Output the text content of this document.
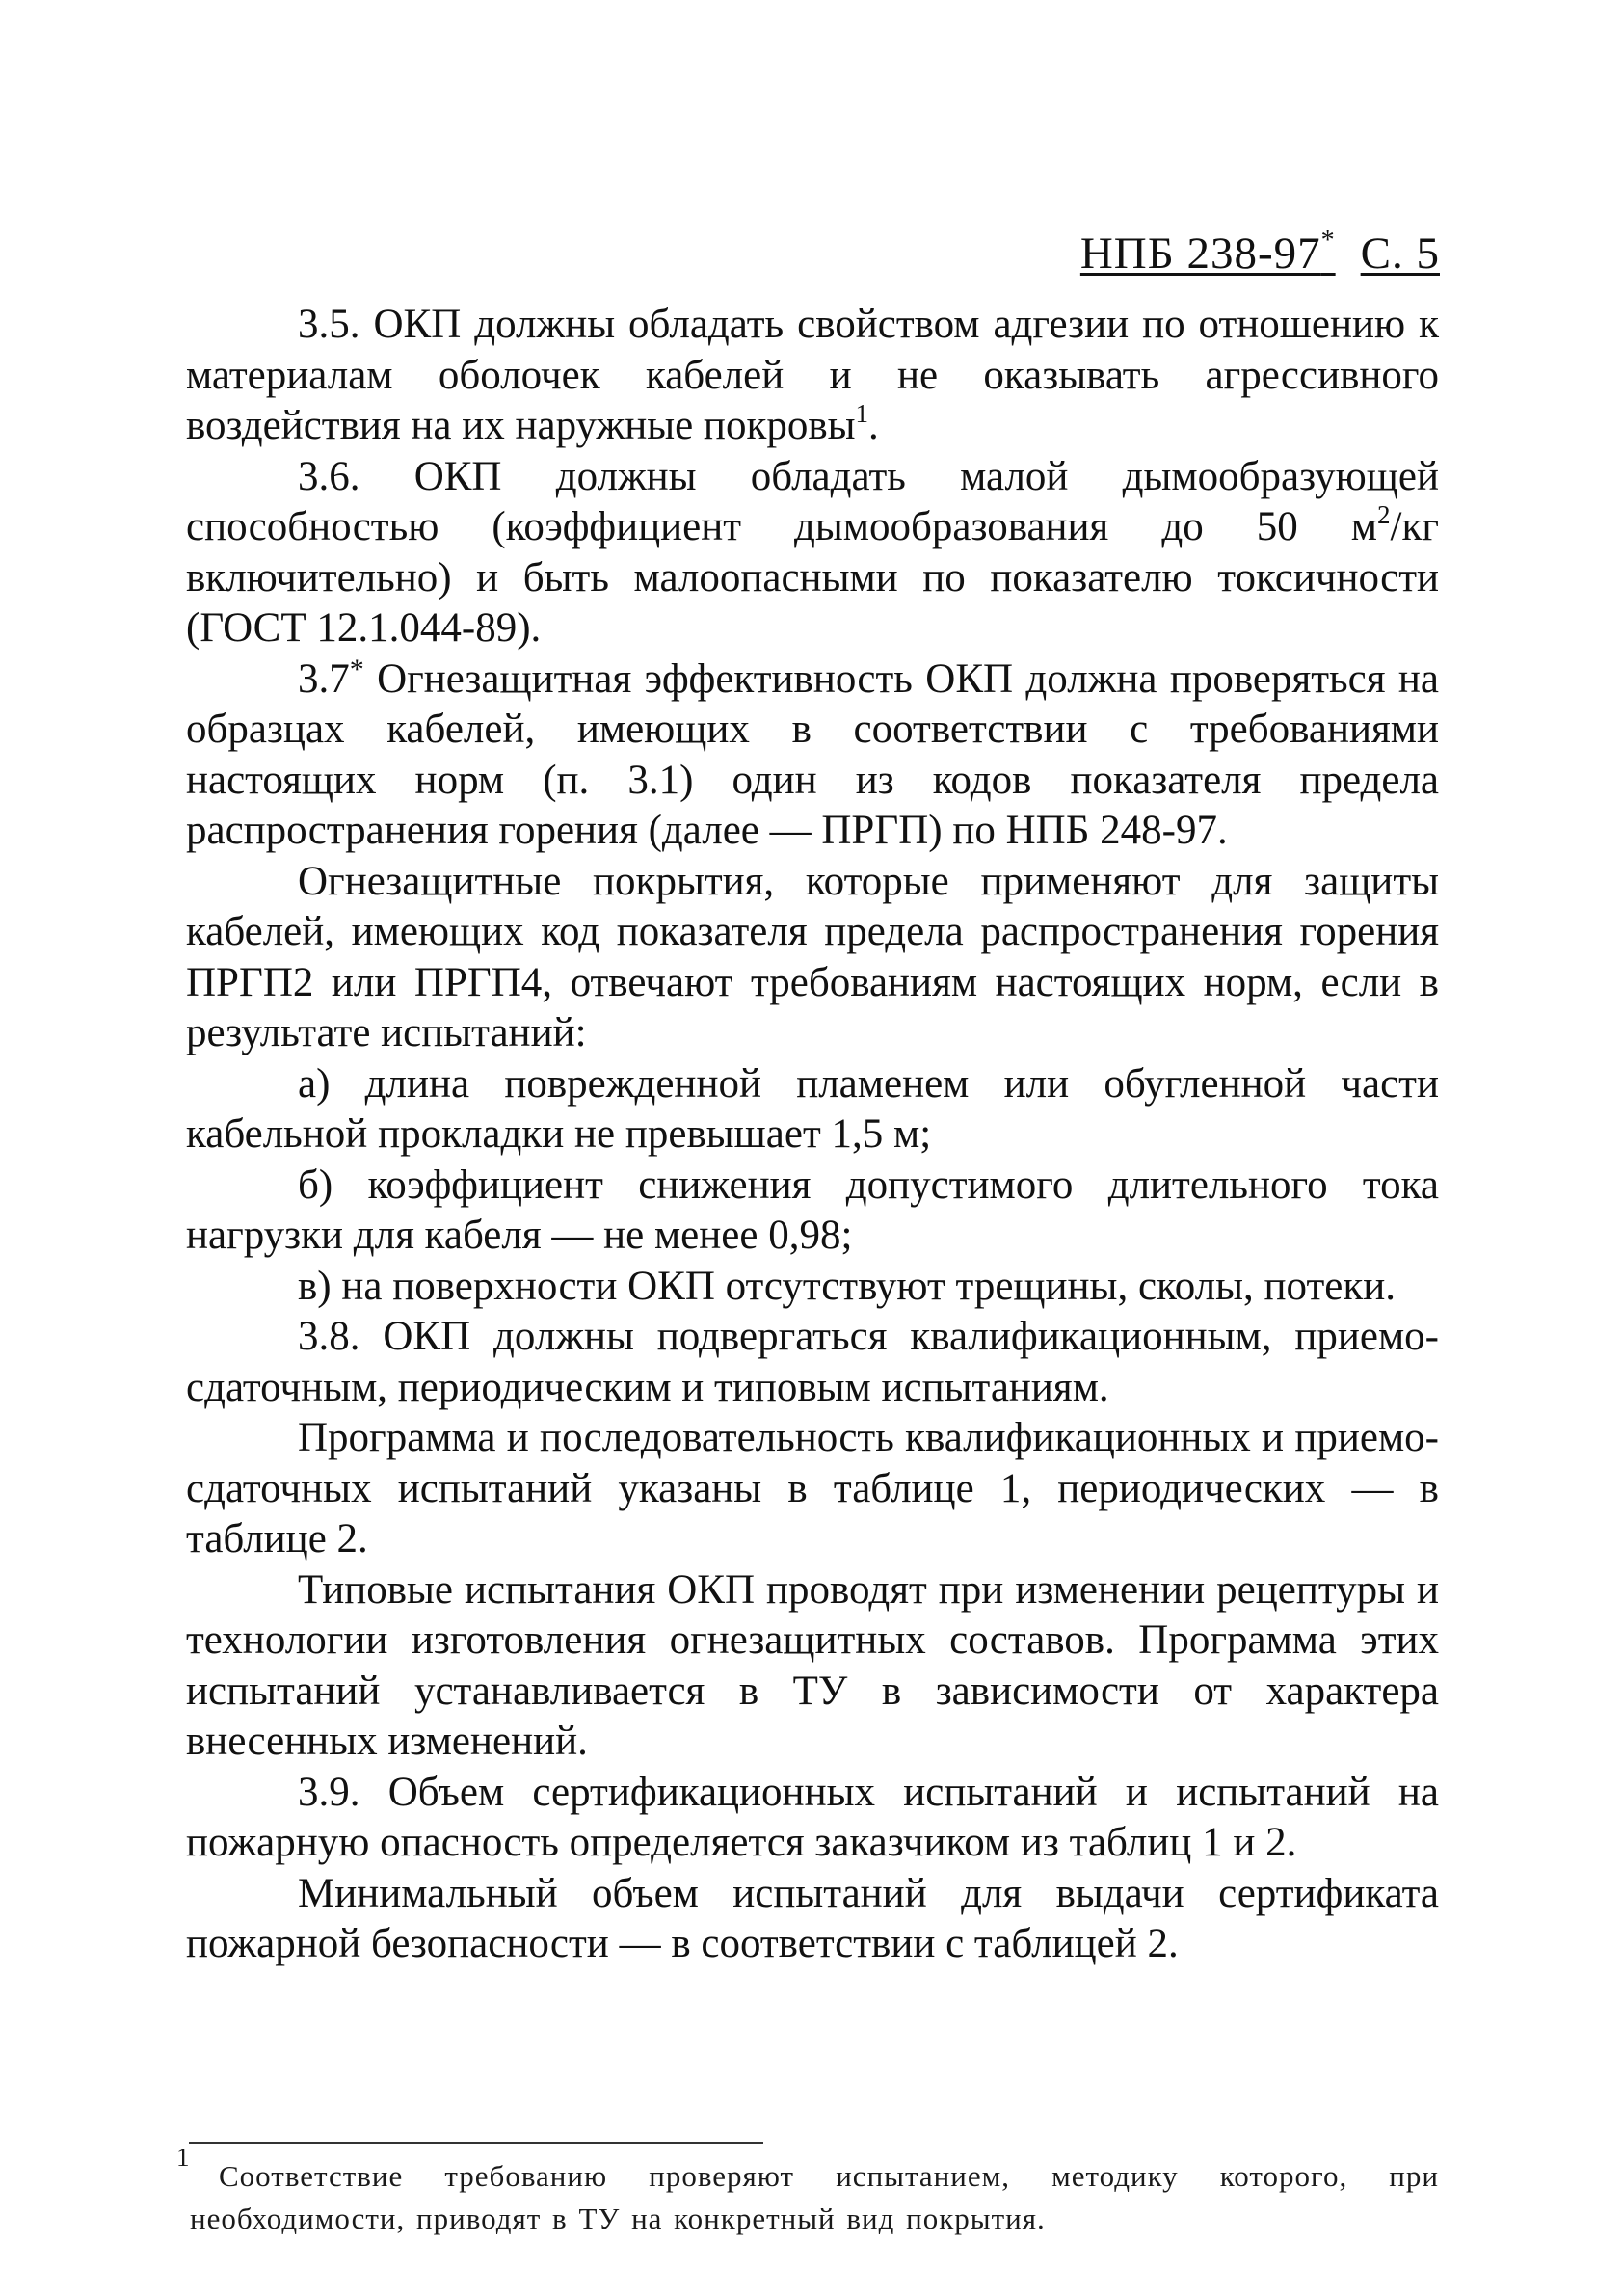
НПБ 238-97* С. 5

3.5. ОКП должны обладать свойством адгезии по отношению к материалам оболочек кабелей и не оказывать агрессивного воздействия на их наружные покровы$^1$.

3.6. ОКП должны обладать малой дымообразующей способностью (коэффициент дымообразования до 50 $м^2/кг$ включительно) и быть малоопасными по показателю токсичности (ГОСТ 12.1.044-89).

3.7* Огнезащитная эффективность ОКП должна проверяться на образцах кабелей, имеющих в соответствии с требованиями настоящих норм (п. 3.1) один из кодов показателя предела распространения горения (далее — ПРГП) по НПБ 248-97.

Огнезащитные покрытия, которые применяют для защиты кабелей, имеющих код показателя предела распространения горения ПРГП2 или ПРГП4, отвечают требованиям настоящих норм, если в результате испытаний:

а) длина поврежденной пламенем или обугленной части кабельной прокладки не превышает 1,5 м;

б) коэффициент снижения допустимого длительного тока нагрузки для кабеля — не менее 0,98;

в) на поверхности ОКП отсутствуют трещины, сколы, потеки.

3.8. ОКП должны подвергаться квалификационным, приемо-сдаточным, периодическим и типовым испытаниям.

Программа и последовательность квалификационных и приемо-сдаточных испытаний указаны в таблице 1, периодических — в таблице 2.

Типовые испытания ОКП проводят при изменении рецептуры и технологии изготовления огнезащитных составов. Программа этих испытаний устанавливается в ТУ в зависимости от характера внесенных изменений.

3.9. Объем сертификационных испытаний и испытаний на пожарную опасность определяется заказчиком из таблиц 1 и 2.

Минимальный объем испытаний для выдачи сертификата пожарной безопасности — в соответствии с таблицей 2.

1

Соответствие требованию проверяют испытанием, методику которого, при необходимости, приводят в ТУ на конкретный вид покрытия.
